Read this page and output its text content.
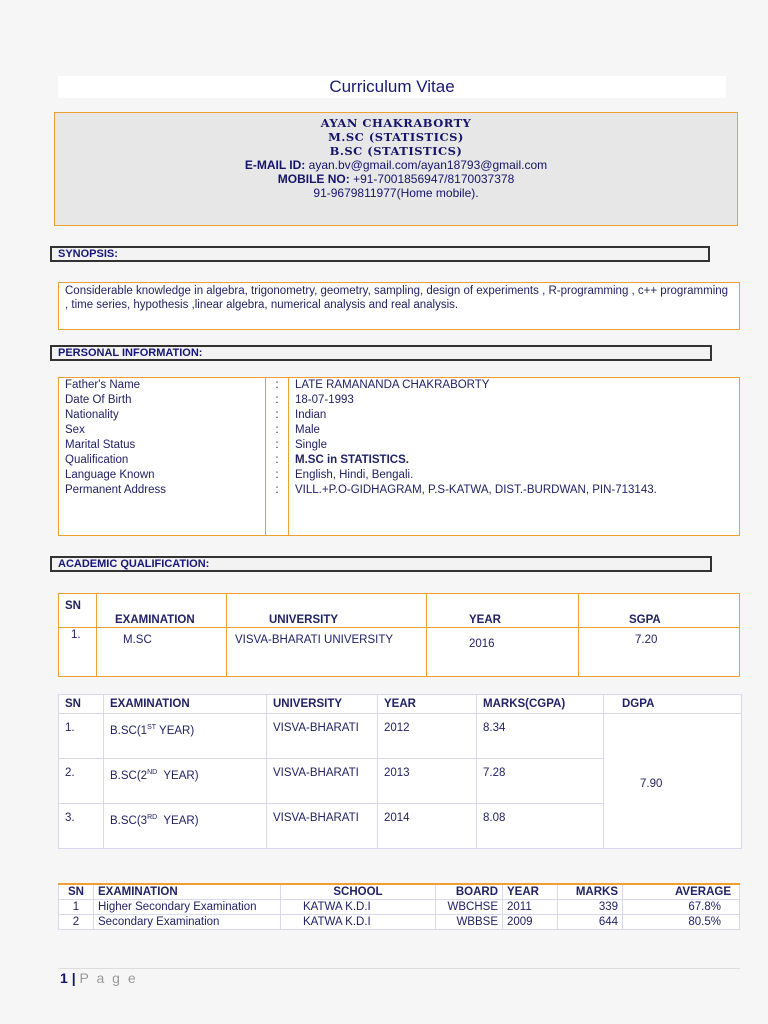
Curriculum Vitae
AYAN CHAKRABORTY
M.SC (STATISTICS)
B.SC (STATISTICS)
E-MAIL ID: ayan.bv@gmail.com/ayan18793@gmail.com
MOBILE NO: +91-7001856947/8170037378
91-9679811977(Home mobile).
SYNOPSIS:
Considerable knowledge in algebra, trigonometry, geometry, sampling, design of experiments , R-programming , c++ programming , time series, hypothesis ,linear algebra, numerical analysis and real analysis.
PERSONAL INFORMATION:
Father's Name	:	LATE RAMANANDA CHAKRABORTY
Date Of Birth	:	18-07-1993
Nationality	:	Indian
Sex	:	Male
Marital Status	:	Single
Qualification	:	M.SC in STATISTICS.
Language Known	:	English, Hindi, Bengali.
Permanent Address	:	VILL.+P.O-GIDHAGRAM, P.S-KATWA, DIST.-BURDWAN, PIN-713143.
ACADEMIC QUALIFICATION:
SN	EXAMINATION	UNIVERSITY	YEAR	SGPA
1.	M.SC	VISVA-BHARATI UNIVERSITY	2016	7.20
SN	EXAMINATION	UNIVERSITY	YEAR	MARKS(CGPA)	DGPA
1.	B.SC(1ST YEAR)	VISVA-BHARATI	2012	8.34	7.90
2.	B.SC(2ND  YEAR)	VISVA-BHARATI	2013	7.28	
3.	B.SC(3RD  YEAR)	VISVA-BHARATI	2014	8.08	
SN	EXAMINATION	SCHOOL	BOARD	YEAR	MARKS	AVERAGE
1	Higher Secondary Examination	KATWA K.D.I	WBCHSE	2011	339	67.8%
2	Secondary Examination	KATWA K.D.I	WBBSE	2009	644	80.5%
1 | P a g e
